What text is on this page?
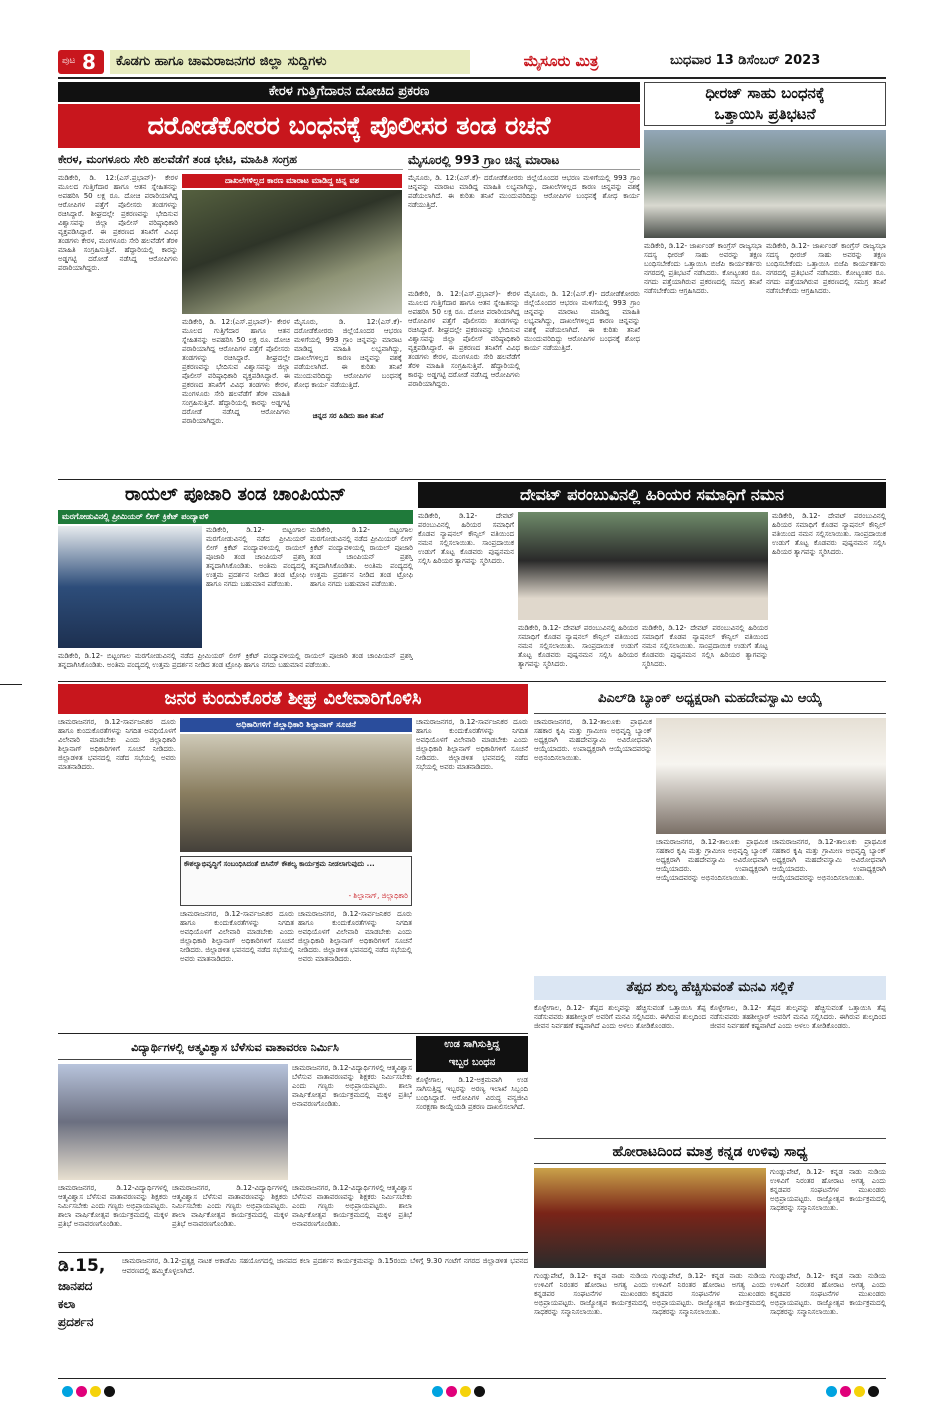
ಪುಟ 8	ಕೊಡಗು ಹಾಗೂ ಚಾಮರಾಜನಗರ ಜಿಲ್ಲಾ ಸುದ್ದಿಗಳು	ಮೈಸೂರು ಮಿತ್ರ	ಬುಧವಾರ 13 ಡಿಸೆಂಬರ್ 2023
ಕೇರಳ ಗುತ್ತಿಗೆದಾರನ ದೋಚಿದ ಪ್ರಕರಣ
ದರೋಡೆಕೋರರ ಬಂಧನಕ್ಕೆ ಪೊಲೀಸರ ತಂಡ ರಚನೆ
ಕೇರಳ, ಮಂಗಳೂರು ಸೇರಿ ಹಲವೆಡೆಗೆ ತಂಡ ಭೇಟಿ, ಮಾಹಿತಿ ಸಂಗ್ರಹ	ಮೈಸೂರಲ್ಲಿ 993 ಗ್ರಾಂ ಚಿನ್ನ ಮಾರಾಟ
ಮಡಿಕೇರಿ, ಡಿ. 12:(ಎಸ್.ಪ್ರಭಾವ್)- ಕೇರಳ ಮೂಲದ ಗುತ್ತಿಗೆದಾರ ಹಾಗೂ ಆತನ ಸ್ನೇಹಿತನನ್ನು ಅಪಹರಿಸಿ 50 ಲಕ್ಷ ರೂ. ದೋಚಿ ಪರಾರಿಯಾಗಿದ್ದ ಆರೋಪಿಗಳ ಪತ್ತೆಗೆ ಪೊಲೀಸರು ತಂಡಗಳನ್ನು ರಚಿಸಿದ್ದಾರೆ. ಶೀಘ್ರದಲ್ಲೇ ಪ್ರಕರಣವನ್ನು ಭೇದಿಸುವ ವಿಶ್ವಾಸವನ್ನು ಜಿಲ್ಲಾ ಪೊಲೀಸ್ ವರಿಷ್ಠಾಧಿಕಾರಿ ವ್ಯಕ್ತಪಡಿಸಿದ್ದಾರೆ. ಈ ಪ್ರಕರಣದ ತನಿಖೆಗೆ ವಿವಿಧ ತಂಡಗಳು ಕೇರಳ, ಮಂಗಳೂರು ಸೇರಿ ಹಲವೆಡೆಗೆ ತೆರಳಿ ಮಾಹಿತಿ ಸಂಗ್ರಹಿಸುತ್ತಿವೆ. ಹೆದ್ದಾರಿಯಲ್ಲಿ ಕಾರನ್ನು ಅಡ್ಡಗಟ್ಟಿ ದರೋಡೆ ನಡೆಸಿದ್ದ ಆರೋಪಿಗಳು ಪರಾರಿಯಾಗಿದ್ದರು.
ದಾಖಲೆಗಳಿಲ್ಲದ ಕಾರಣ ಮಾರಾಟ ಮಾಡಿದ್ದ ಚಿನ್ನ ವಶ
ಮಡಿಕೇರಿ, ಡಿ. 12:(ಎಸ್.ಪ್ರಭಾವ್)- ಕೇರಳ ಮೂಲದ ಗುತ್ತಿಗೆದಾರ ಹಾಗೂ ಆತನ ಸ್ನೇಹಿತನನ್ನು ಅಪಹರಿಸಿ 50 ಲಕ್ಷ ರೂ. ದೋಚಿ ಪರಾರಿಯಾಗಿದ್ದ ಆರೋಪಿಗಳ ಪತ್ತೆಗೆ ಪೊಲೀಸರು ತಂಡಗಳನ್ನು ರಚಿಸಿದ್ದಾರೆ. ಶೀಘ್ರದಲ್ಲೇ ಪ್ರಕರಣವನ್ನು ಭೇದಿಸುವ ವಿಶ್ವಾಸವನ್ನು ಜಿಲ್ಲಾ ಪೊಲೀಸ್ ವರಿಷ್ಠಾಧಿಕಾರಿ ವ್ಯಕ್ತಪಡಿಸಿದ್ದಾರೆ. ಈ ಪ್ರಕರಣದ ತನಿಖೆಗೆ ವಿವಿಧ ತಂಡಗಳು ಕೇರಳ, ಮಂಗಳೂರು ಸೇರಿ ಹಲವೆಡೆಗೆ ತೆರಳಿ ಮಾಹಿತಿ ಸಂಗ್ರಹಿಸುತ್ತಿವೆ. ಹೆದ್ದಾರಿಯಲ್ಲಿ ಕಾರನ್ನು ಅಡ್ಡಗಟ್ಟಿ ದರೋಡೆ ನಡೆಸಿದ್ದ ಆರೋಪಿಗಳು ಪರಾರಿಯಾಗಿದ್ದರು.
ಮೈಸೂರು, ಡಿ. 12:(ಎಸ್.ಕೆ)- ದರೋಡೆಕೋರರು ಜಿಲ್ಲೆಯೊಂದರ ಆಭರಣ ಮಳಿಗೆಯಲ್ಲಿ 993 ಗ್ರಾಂ ಚಿನ್ನವನ್ನು ಮಾರಾಟ ಮಾಡಿದ್ದ ಮಾಹಿತಿ ಲಭ್ಯವಾಗಿದ್ದು, ದಾಖಲೆಗಳಿಲ್ಲದ ಕಾರಣ ಚಿನ್ನವನ್ನು ವಶಕ್ಕೆ ಪಡೆಯಲಾಗಿದೆ. ಈ ಕುರಿತು ತನಿಖೆ ಮುಂದುವರಿದಿದ್ದು ಆರೋಪಿಗಳ ಬಂಧನಕ್ಕೆ ಶೋಧ ಕಾರ್ಯ ನಡೆಯುತ್ತಿದೆ.
ಮೈಸೂರು, ಡಿ. 12:(ಎಸ್.ಕೆ)- ದರೋಡೆಕೋರರು ಜಿಲ್ಲೆಯೊಂದರ ಆಭರಣ ಮಳಿಗೆಯಲ್ಲಿ 993 ಗ್ರಾಂ ಚಿನ್ನವನ್ನು ಮಾರಾಟ ಮಾಡಿದ್ದ ಮಾಹಿತಿ ಲಭ್ಯವಾಗಿದ್ದು, ದಾಖಲೆಗಳಿಲ್ಲದ ಕಾರಣ ಚಿನ್ನವನ್ನು ವಶಕ್ಕೆ ಪಡೆಯಲಾಗಿದೆ. ಈ ಕುರಿತು ತನಿಖೆ ಮುಂದುವರಿದಿದ್ದು ಆರೋಪಿಗಳ ಬಂಧನಕ್ಕೆ ಶೋಧ ಕಾರ್ಯ ನಡೆಯುತ್ತಿದೆ.
ಮಡಿಕೇರಿ, ಡಿ. 12:(ಎಸ್.ಪ್ರಭಾವ್)- ಕೇರಳ ಮೂಲದ ಗುತ್ತಿಗೆದಾರ ಹಾಗೂ ಆತನ ಸ್ನೇಹಿತನನ್ನು ಅಪಹರಿಸಿ 50 ಲಕ್ಷ ರೂ. ದೋಚಿ ಪರಾರಿಯಾಗಿದ್ದ ಆರೋಪಿಗಳ ಪತ್ತೆಗೆ ಪೊಲೀಸರು ತಂಡಗಳನ್ನು ರಚಿಸಿದ್ದಾರೆ. ಶೀಘ್ರದಲ್ಲೇ ಪ್ರಕರಣವನ್ನು ಭೇದಿಸುವ ವಿಶ್ವಾಸವನ್ನು ಜಿಲ್ಲಾ ಪೊಲೀಸ್ ವರಿಷ್ಠಾಧಿಕಾರಿ ವ್ಯಕ್ತಪಡಿಸಿದ್ದಾರೆ. ಈ ಪ್ರಕರಣದ ತನಿಖೆಗೆ ವಿವಿಧ ತಂಡಗಳು ಕೇರಳ, ಮಂಗಳೂರು ಸೇರಿ ಹಲವೆಡೆಗೆ ತೆರಳಿ ಮಾಹಿತಿ ಸಂಗ್ರಹಿಸುತ್ತಿವೆ. ಹೆದ್ದಾರಿಯಲ್ಲಿ ಕಾರನ್ನು ಅಡ್ಡಗಟ್ಟಿ ದರೋಡೆ ನಡೆಸಿದ್ದ ಆರೋಪಿಗಳು ಪರಾರಿಯಾಗಿದ್ದರು.
ಮೈಸೂರು, ಡಿ. 12:(ಎಸ್.ಕೆ)- ದರೋಡೆಕೋರರು ಜಿಲ್ಲೆಯೊಂದರ ಆಭರಣ ಮಳಿಗೆಯಲ್ಲಿ 993 ಗ್ರಾಂ ಚಿನ್ನವನ್ನು ಮಾರಾಟ ಮಾಡಿದ್ದ ಮಾಹಿತಿ ಲಭ್ಯವಾಗಿದ್ದು, ದಾಖಲೆಗಳಿಲ್ಲದ ಕಾರಣ ಚಿನ್ನವನ್ನು ವಶಕ್ಕೆ ಪಡೆಯಲಾಗಿದೆ. ಈ ಕುರಿತು ತನಿಖೆ ಮುಂದುವರಿದಿದ್ದು ಆರೋಪಿಗಳ ಬಂಧನಕ್ಕೆ ಶೋಧ ಕಾರ್ಯ ನಡೆಯುತ್ತಿದೆ.
ಚಿನ್ನದ ಸರ ಹಿಡಿದು ಹಾಕಿ ತನಿಖೆ
ಧೀರಜ್ ಸಾಹು ಬಂಧನಕ್ಕೆ
ಒತ್ತಾಯಿಸಿ ಪ್ರತಿಭಟನೆ
ಮಡಿಕೇರಿ, ಡಿ.12- ಜಾರ್ಖಂಡ್ ಕಾಂಗ್ರೆಸ್ ರಾಜ್ಯಸಭಾ ಸದಸ್ಯ ಧೀರಜ್ ಸಾಹು ಅವರನ್ನು ತಕ್ಷಣ ಬಂಧಿಸಬೇಕೆಂದು ಒತ್ತಾಯಿಸಿ ಬಿಜೆಪಿ ಕಾರ್ಯಕರ್ತರು ನಗರದಲ್ಲಿ ಪ್ರತಿಭಟನೆ ನಡೆಸಿದರು. ಕೋಟ್ಯಂತರ ರೂ. ನಗದು ಪತ್ತೆಯಾಗಿರುವ ಪ್ರಕರಣದಲ್ಲಿ ಸಮಗ್ರ ತನಿಖೆ ನಡೆಸಬೇಕೆಂದು ಆಗ್ರಹಿಸಿದರು.
ಮಡಿಕೇರಿ, ಡಿ.12- ಜಾರ್ಖಂಡ್ ಕಾಂಗ್ರೆಸ್ ರಾಜ್ಯಸಭಾ ಸದಸ್ಯ ಧೀರಜ್ ಸಾಹು ಅವರನ್ನು ತಕ್ಷಣ ಬಂಧಿಸಬೇಕೆಂದು ಒತ್ತಾಯಿಸಿ ಬಿಜೆಪಿ ಕಾರ್ಯಕರ್ತರು ನಗರದಲ್ಲಿ ಪ್ರತಿಭಟನೆ ನಡೆಸಿದರು. ಕೋಟ್ಯಂತರ ರೂ. ನಗದು ಪತ್ತೆಯಾಗಿರುವ ಪ್ರಕರಣದಲ್ಲಿ ಸಮಗ್ರ ತನಿಖೆ ನಡೆಸಬೇಕೆಂದು ಆಗ್ರಹಿಸಿದರು.
ರಾಯಲ್ ಪೂಜಾರಿ ತಂಡ ಚಾಂಪಿಯನ್
ಮರಗೋಡುವಿನಲ್ಲಿ ಪ್ರೀಮಿಯರ್ ಲೀಗ್ ಕ್ರಿಕೆಟ್ ಪಂದ್ಯಾವಳಿ
ಮಡಿಕೇರಿ, ಡಿ.12- ಬಿಟ್ಟಂಗಾಲ ಮರಗೋಡುವಿನಲ್ಲಿ ನಡೆದ ಪ್ರೀಮಿಯರ್ ಲೀಗ್ ಕ್ರಿಕೆಟ್ ಪಂದ್ಯಾವಳಿಯಲ್ಲಿ ರಾಯಲ್ ಪೂಜಾರಿ ತಂಡ ಚಾಂಪಿಯನ್ ಪ್ರಶಸ್ತಿ ತನ್ನದಾಗಿಸಿಕೊಂಡಿತು. ಅಂತಿಮ ಪಂದ್ಯದಲ್ಲಿ ಉತ್ತಮ ಪ್ರದರ್ಶನ ನೀಡಿದ ತಂಡ ಟ್ರೋಫಿ ಹಾಗೂ ನಗದು ಬಹುಮಾನ ಪಡೆಯಿತು.
ಮಡಿಕೇರಿ, ಡಿ.12- ಬಿಟ್ಟಂಗಾಲ ಮರಗೋಡುವಿನಲ್ಲಿ ನಡೆದ ಪ್ರೀಮಿಯರ್ ಲೀಗ್ ಕ್ರಿಕೆಟ್ ಪಂದ್ಯಾವಳಿಯಲ್ಲಿ ರಾಯಲ್ ಪೂಜಾರಿ ತಂಡ ಚಾಂಪಿಯನ್ ಪ್ರಶಸ್ತಿ ತನ್ನದಾಗಿಸಿಕೊಂಡಿತು. ಅಂತಿಮ ಪಂದ್ಯದಲ್ಲಿ ಉತ್ತಮ ಪ್ರದರ್ಶನ ನೀಡಿದ ತಂಡ ಟ್ರೋಫಿ ಹಾಗೂ ನಗದು ಬಹುಮಾನ ಪಡೆಯಿತು.
ಮಡಿಕೇರಿ, ಡಿ.12- ಬಿಟ್ಟಂಗಾಲ ಮರಗೋಡುವಿನಲ್ಲಿ ನಡೆದ ಪ್ರೀಮಿಯರ್ ಲೀಗ್ ಕ್ರಿಕೆಟ್ ಪಂದ್ಯಾವಳಿಯಲ್ಲಿ ರಾಯಲ್ ಪೂಜಾರಿ ತಂಡ ಚಾಂಪಿಯನ್ ಪ್ರಶಸ್ತಿ ತನ್ನದಾಗಿಸಿಕೊಂಡಿತು. ಅಂತಿಮ ಪಂದ್ಯದಲ್ಲಿ ಉತ್ತಮ ಪ್ರದರ್ಶನ ನೀಡಿದ ತಂಡ ಟ್ರೋಫಿ ಹಾಗೂ ನಗದು ಬಹುಮಾನ ಪಡೆಯಿತು.
ದೇವಟ್ ಪರಂಬುವಿನಲ್ಲಿ ಹಿರಿಯರ ಸಮಾಧಿಗೆ ನಮನ
ಮಡಿಕೇರಿ, ಡಿ.12- ದೇವಟ್ ಪರಂಬುವಿನಲ್ಲಿ ಹಿರಿಯರ ಸಮಾಧಿಗೆ ಕೊಡವ ನ್ಯಾಷನಲ್ ಕೌನ್ಸಿಲ್ ವತಿಯಿಂದ ನಮನ ಸಲ್ಲಿಸಲಾಯಿತು. ಸಾಂಪ್ರದಾಯಿಕ ಉಡುಗೆ ತೊಟ್ಟ ಕೊಡವರು ಪುಷ್ಪನಮನ ಸಲ್ಲಿಸಿ ಹಿರಿಯರ ತ್ಯಾಗವನ್ನು ಸ್ಮರಿಸಿದರು.
ಮಡಿಕೇರಿ, ಡಿ.12- ದೇವಟ್ ಪರಂಬುವಿನಲ್ಲಿ ಹಿರಿಯರ ಸಮಾಧಿಗೆ ಕೊಡವ ನ್ಯಾಷನಲ್ ಕೌನ್ಸಿಲ್ ವತಿಯಿಂದ ನಮನ ಸಲ್ಲಿಸಲಾಯಿತು. ಸಾಂಪ್ರದಾಯಿಕ ಉಡುಗೆ ತೊಟ್ಟ ಕೊಡವರು ಪುಷ್ಪನಮನ ಸಲ್ಲಿಸಿ ಹಿರಿಯರ ತ್ಯಾಗವನ್ನು ಸ್ಮರಿಸಿದರು.
ಮಡಿಕೇರಿ, ಡಿ.12- ದೇವಟ್ ಪರಂಬುವಿನಲ್ಲಿ ಹಿರಿಯರ ಸಮಾಧಿಗೆ ಕೊಡವ ನ್ಯಾಷನಲ್ ಕೌನ್ಸಿಲ್ ವತಿಯಿಂದ ನಮನ ಸಲ್ಲಿಸಲಾಯಿತು. ಸಾಂಪ್ರದಾಯಿಕ ಉಡುಗೆ ತೊಟ್ಟ ಕೊಡವರು ಪುಷ್ಪನಮನ ಸಲ್ಲಿಸಿ ಹಿರಿಯರ ತ್ಯಾಗವನ್ನು ಸ್ಮರಿಸಿದರು.
ಮಡಿಕೇರಿ, ಡಿ.12- ದೇವಟ್ ಪರಂಬುವಿನಲ್ಲಿ ಹಿರಿಯರ ಸಮಾಧಿಗೆ ಕೊಡವ ನ್ಯಾಷನಲ್ ಕೌನ್ಸಿಲ್ ವತಿಯಿಂದ ನಮನ ಸಲ್ಲಿಸಲಾಯಿತು. ಸಾಂಪ್ರದಾಯಿಕ ಉಡುಗೆ ತೊಟ್ಟ ಕೊಡವರು ಪುಷ್ಪನಮನ ಸಲ್ಲಿಸಿ ಹಿರಿಯರ ತ್ಯಾಗವನ್ನು ಸ್ಮರಿಸಿದರು.
ಜನರ ಕುಂದುಕೊರತೆ ಶೀಘ್ರ ವಿಲೇವಾರಿಗೊಳಿಸಿ
ಚಾಮರಾಜನಗರ, ಡಿ.12-ಸಾರ್ವಜನಿಕರ ದೂರು ಹಾಗೂ ಕುಂದುಕೊರತೆಗಳನ್ನು ನಿಗದಿತ ಅವಧಿಯೊಳಗೆ ವಿಲೇವಾರಿ ಮಾಡಬೇಕು ಎಂದು ಜಿಲ್ಲಾಧಿಕಾರಿ ಶಿಲ್ಪಾನಾಗ್ ಅಧಿಕಾರಿಗಳಿಗೆ ಸೂಚನೆ ನೀಡಿದರು. ಜಿಲ್ಲಾಡಳಿತ ಭವನದಲ್ಲಿ ನಡೆದ ಸಭೆಯಲ್ಲಿ ಅವರು ಮಾತನಾಡಿದರು.
ಅಧಿಕಾರಿಗಳಿಗೆ ಜಿಲ್ಲಾಧಿಕಾರಿ ಶಿಲ್ಪಾನಾಗ್ ಸೂಚನೆ
ಕೌಶಲ್ಯಾಭಿವೃದ್ಧಿಗೆ ಸಂಬಂಧಿಸಿದಂತೆ ಬಿಸಿನೆಸ್ ಕೌಶಲ್ಯ ಕಾರ್ಯಕ್ರಮ ನೀಡಲಾಗುವುದು ...
- ಶಿಲ್ಪಾನಾಗ್, ಜಿಲ್ಲಾಧಿಕಾರಿ
ಚಾಮರಾಜನಗರ, ಡಿ.12-ಸಾರ್ವಜನಿಕರ ದೂರು ಹಾಗೂ ಕುಂದುಕೊರತೆಗಳನ್ನು ನಿಗದಿತ ಅವಧಿಯೊಳಗೆ ವಿಲೇವಾರಿ ಮಾಡಬೇಕು ಎಂದು ಜಿಲ್ಲಾಧಿಕಾರಿ ಶಿಲ್ಪಾನಾಗ್ ಅಧಿಕಾರಿಗಳಿಗೆ ಸೂಚನೆ ನೀಡಿದರು. ಜಿಲ್ಲಾಡಳಿತ ಭವನದಲ್ಲಿ ನಡೆದ ಸಭೆಯಲ್ಲಿ ಅವರು ಮಾತನಾಡಿದರು.
ಚಾಮರಾಜನಗರ, ಡಿ.12-ಸಾರ್ವಜನಿಕರ ದೂರು ಹಾಗೂ ಕುಂದುಕೊರತೆಗಳನ್ನು ನಿಗದಿತ ಅವಧಿಯೊಳಗೆ ವಿಲೇವಾರಿ ಮಾಡಬೇಕು ಎಂದು ಜಿಲ್ಲಾಧಿಕಾರಿ ಶಿಲ್ಪಾನಾಗ್ ಅಧಿಕಾರಿಗಳಿಗೆ ಸೂಚನೆ ನೀಡಿದರು. ಜಿಲ್ಲಾಡಳಿತ ಭವನದಲ್ಲಿ ನಡೆದ ಸಭೆಯಲ್ಲಿ ಅವರು ಮಾತನಾಡಿದರು.
ಚಾಮರಾಜನಗರ, ಡಿ.12-ಸಾರ್ವಜನಿಕರ ದೂರು ಹಾಗೂ ಕುಂದುಕೊರತೆಗಳನ್ನು ನಿಗದಿತ ಅವಧಿಯೊಳಗೆ ವಿಲೇವಾರಿ ಮಾಡಬೇಕು ಎಂದು ಜಿಲ್ಲಾಧಿಕಾರಿ ಶಿಲ್ಪಾನಾಗ್ ಅಧಿಕಾರಿಗಳಿಗೆ ಸೂಚನೆ ನೀಡಿದರು. ಜಿಲ್ಲಾಡಳಿತ ಭವನದಲ್ಲಿ ನಡೆದ ಸಭೆಯಲ್ಲಿ ಅವರು ಮಾತನಾಡಿದರು.
ಪಿಎಲ್‌ಡಿ ಬ್ಯಾಂಕ್ ಅಧ್ಯಕ್ಷರಾಗಿ ಮಹದೇವಸ್ವಾಮಿ ಆಯ್ಕೆ
ಚಾಮರಾಜನಗರ, ಡಿ.12-ತಾಲೂಕು ಪ್ರಾಥಮಿಕ ಸಹಕಾರ ಕೃಷಿ ಮತ್ತು ಗ್ರಾಮೀಣ ಅಭಿವೃದ್ಧಿ ಬ್ಯಾಂಕ್ ಅಧ್ಯಕ್ಷರಾಗಿ ಮಹದೇವಸ್ವಾಮಿ ಅವಿರೋಧವಾಗಿ ಆಯ್ಕೆಯಾದರು. ಉಪಾಧ್ಯಕ್ಷರಾಗಿ ಆಯ್ಕೆಯಾದವರನ್ನು ಅಭಿನಂದಿಸಲಾಯಿತು.
ಚಾಮರಾಜನಗರ, ಡಿ.12-ತಾಲೂಕು ಪ್ರಾಥಮಿಕ ಸಹಕಾರ ಕೃಷಿ ಮತ್ತು ಗ್ರಾಮೀಣ ಅಭಿವೃದ್ಧಿ ಬ್ಯಾಂಕ್ ಅಧ್ಯಕ್ಷರಾಗಿ ಮಹದೇವಸ್ವಾಮಿ ಅವಿರೋಧವಾಗಿ ಆಯ್ಕೆಯಾದರು. ಉಪಾಧ್ಯಕ್ಷರಾಗಿ ಆಯ್ಕೆಯಾದವರನ್ನು ಅಭಿನಂದಿಸಲಾಯಿತು.
ಚಾಮರಾಜನಗರ, ಡಿ.12-ತಾಲೂಕು ಪ್ರಾಥಮಿಕ ಸಹಕಾರ ಕೃಷಿ ಮತ್ತು ಗ್ರಾಮೀಣ ಅಭಿವೃದ್ಧಿ ಬ್ಯಾಂಕ್ ಅಧ್ಯಕ್ಷರಾಗಿ ಮಹದೇವಸ್ವಾಮಿ ಅವಿರೋಧವಾಗಿ ಆಯ್ಕೆಯಾದರು. ಉಪಾಧ್ಯಕ್ಷರಾಗಿ ಆಯ್ಕೆಯಾದವರನ್ನು ಅಭಿನಂದಿಸಲಾಯಿತು.
ತೆಪ್ಪದ ಶುಲ್ಕ ಹೆಚ್ಚಿಸುವಂತೆ ಮನವಿ ಸಲ್ಲಿಕೆ
ಕೊಳ್ಳೇಗಾಲ, ಡಿ.12- ತೆಪ್ಪದ ಶುಲ್ಕವನ್ನು ಹೆಚ್ಚಿಸುವಂತೆ ಒತ್ತಾಯಿಸಿ ತೆಪ್ಪ ನಡೆಸುವವರು ತಹಶೀಲ್ದಾರ್ ಅವರಿಗೆ ಮನವಿ ಸಲ್ಲಿಸಿದರು. ಈಗಿರುವ ಶುಲ್ಕದಿಂದ ಜೀವನ ನಿರ್ವಹಣೆ ಕಷ್ಟವಾಗಿದೆ ಎಂದು ಅಳಲು ತೋಡಿಕೊಂಡರು.
ಕೊಳ್ಳೇಗಾಲ, ಡಿ.12- ತೆಪ್ಪದ ಶುಲ್ಕವನ್ನು ಹೆಚ್ಚಿಸುವಂತೆ ಒತ್ತಾಯಿಸಿ ತೆಪ್ಪ ನಡೆಸುವವರು ತಹಶೀಲ್ದಾರ್ ಅವರಿಗೆ ಮನವಿ ಸಲ್ಲಿಸಿದರು. ಈಗಿರುವ ಶುಲ್ಕದಿಂದ ಜೀವನ ನಿರ್ವಹಣೆ ಕಷ್ಟವಾಗಿದೆ ಎಂದು ಅಳಲು ತೋಡಿಕೊಂಡರು.
ವಿದ್ಯಾರ್ಥಿಗಳಲ್ಲಿ ಆತ್ಮವಿಶ್ವಾಸ ಬೆಳೆಸುವ ವಾತಾವರಣ ನಿರ್ಮಿಸಿ
ಚಾಮರಾಜನಗರ, ಡಿ.12-ವಿದ್ಯಾರ್ಥಿಗಳಲ್ಲಿ ಆತ್ಮವಿಶ್ವಾಸ ಬೆಳೆಸುವ ವಾತಾವರಣವನ್ನು ಶಿಕ್ಷಕರು ನಿರ್ಮಿಸಬೇಕು ಎಂದು ಗಣ್ಯರು ಅಭಿಪ್ರಾಯಪಟ್ಟರು. ಶಾಲಾ ವಾರ್ಷಿಕೋತ್ಸವ ಕಾರ್ಯಕ್ರಮದಲ್ಲಿ ಮಕ್ಕಳ ಪ್ರತಿಭೆ ಅನಾವರಣಗೊಂಡಿತು.
ಚಾಮರಾಜನಗರ, ಡಿ.12-ವಿದ್ಯಾರ್ಥಿಗಳಲ್ಲಿ ಆತ್ಮವಿಶ್ವಾಸ ಬೆಳೆಸುವ ವಾತಾವರಣವನ್ನು ಶಿಕ್ಷಕರು ನಿರ್ಮಿಸಬೇಕು ಎಂದು ಗಣ್ಯರು ಅಭಿಪ್ರಾಯಪಟ್ಟರು. ಶಾಲಾ ವಾರ್ಷಿಕೋತ್ಸವ ಕಾರ್ಯಕ್ರಮದಲ್ಲಿ ಮಕ್ಕಳ ಪ್ರತಿಭೆ ಅನಾವರಣಗೊಂಡಿತು.
ಚಾಮರಾಜನಗರ, ಡಿ.12-ವಿದ್ಯಾರ್ಥಿಗಳಲ್ಲಿ ಆತ್ಮವಿಶ್ವಾಸ ಬೆಳೆಸುವ ವಾತಾವರಣವನ್ನು ಶಿಕ್ಷಕರು ನಿರ್ಮಿಸಬೇಕು ಎಂದು ಗಣ್ಯರು ಅಭಿಪ್ರಾಯಪಟ್ಟರು. ಶಾಲಾ ವಾರ್ಷಿಕೋತ್ಸವ ಕಾರ್ಯಕ್ರಮದಲ್ಲಿ ಮಕ್ಕಳ ಪ್ರತಿಭೆ ಅನಾವರಣಗೊಂಡಿತು.
ಚಾಮರಾಜನಗರ, ಡಿ.12-ವಿದ್ಯಾರ್ಥಿಗಳಲ್ಲಿ ಆತ್ಮವಿಶ್ವಾಸ ಬೆಳೆಸುವ ವಾತಾವರಣವನ್ನು ಶಿಕ್ಷಕರು ನಿರ್ಮಿಸಬೇಕು ಎಂದು ಗಣ್ಯರು ಅಭಿಪ್ರಾಯಪಟ್ಟರು. ಶಾಲಾ ವಾರ್ಷಿಕೋತ್ಸವ ಕಾರ್ಯಕ್ರಮದಲ್ಲಿ ಮಕ್ಕಳ ಪ್ರತಿಭೆ ಅನಾವರಣಗೊಂಡಿತು.
ಉಡ ಸಾಗಿಸುತ್ತಿದ್ದ
ಇಬ್ಬರ ಬಂಧನ
ಕೊಳ್ಳೇಗಾಲ, ಡಿ.12-ಅಕ್ರಮವಾಗಿ ಉಡ ಸಾಗಿಸುತ್ತಿದ್ದ ಇಬ್ಬರನ್ನು ಅರಣ್ಯ ಇಲಾಖೆ ಸಿಬ್ಬಂದಿ ಬಂಧಿಸಿದ್ದಾರೆ. ಆರೋಪಿಗಳ ವಿರುದ್ಧ ವನ್ಯಜೀವಿ ಸಂರಕ್ಷಣಾ ಕಾಯ್ದೆಯಡಿ ಪ್ರಕರಣ ದಾಖಲಿಸಲಾಗಿದೆ.
ಹೋರಾಟದಿಂದ ಮಾತ್ರ ಕನ್ನಡ ಉಳಿವು ಸಾಧ್ಯ
ಗುಂಡ್ಲುಪೇಟೆ, ಡಿ.12- ಕನ್ನಡ ನಾಡು ನುಡಿಯ ಉಳಿವಿಗೆ ನಿರಂತರ ಹೋರಾಟ ಅಗತ್ಯ ಎಂದು ಕನ್ನಡಪರ ಸಂಘಟನೆಗಳ ಮುಖಂಡರು ಅಭಿಪ್ರಾಯಪಟ್ಟರು. ರಾಜ್ಯೋತ್ಸವ ಕಾರ್ಯಕ್ರಮದಲ್ಲಿ ಸಾಧಕರನ್ನು ಸನ್ಮಾನಿಸಲಾಯಿತು.
ಗುಂಡ್ಲುಪೇಟೆ, ಡಿ.12- ಕನ್ನಡ ನಾಡು ನುಡಿಯ ಉಳಿವಿಗೆ ನಿರಂತರ ಹೋರಾಟ ಅಗತ್ಯ ಎಂದು ಕನ್ನಡಪರ ಸಂಘಟನೆಗಳ ಮುಖಂಡರು ಅಭಿಪ್ರಾಯಪಟ್ಟರು. ರಾಜ್ಯೋತ್ಸವ ಕಾರ್ಯಕ್ರಮದಲ್ಲಿ ಸಾಧಕರನ್ನು ಸನ್ಮಾನಿಸಲಾಯಿತು.
ಗುಂಡ್ಲುಪೇಟೆ, ಡಿ.12- ಕನ್ನಡ ನಾಡು ನುಡಿಯ ಉಳಿವಿಗೆ ನಿರಂತರ ಹೋರಾಟ ಅಗತ್ಯ ಎಂದು ಕನ್ನಡಪರ ಸಂಘಟನೆಗಳ ಮುಖಂಡರು ಅಭಿಪ್ರಾಯಪಟ್ಟರು. ರಾಜ್ಯೋತ್ಸವ ಕಾರ್ಯಕ್ರಮದಲ್ಲಿ ಸಾಧಕರನ್ನು ಸನ್ಮಾನಿಸಲಾಯಿತು.
ಗುಂಡ್ಲುಪೇಟೆ, ಡಿ.12- ಕನ್ನಡ ನಾಡು ನುಡಿಯ ಉಳಿವಿಗೆ ನಿರಂತರ ಹೋರಾಟ ಅಗತ್ಯ ಎಂದು ಕನ್ನಡಪರ ಸಂಘಟನೆಗಳ ಮುಖಂಡರು ಅಭಿಪ್ರಾಯಪಟ್ಟರು. ರಾಜ್ಯೋತ್ಸವ ಕಾರ್ಯಕ್ರಮದಲ್ಲಿ ಸಾಧಕರನ್ನು ಸನ್ಮಾನಿಸಲಾಯಿತು.
ಡಿ.15,
ಜಾನಪದ
ಕಲಾ
ಪ್ರದರ್ಶನ
ಚಾಮರಾಜನಗರ, ಡಿ.12-ಪ್ರತ್ಯಕ್ಷ ನಾಟಕ ಅಕಾಡೆಮಿ ಸಹಯೋಗದಲ್ಲಿ ಜಾನಪದ ಕಲಾ ಪ್ರದರ್ಶನ ಕಾರ್ಯಕ್ರಮವನ್ನು ಡಿ.15ರಂದು ಬೆಳಿಗ್ಗೆ 9.30 ಗಂಟೆಗೆ ನಗರದ ಜಿಲ್ಲಾಡಳಿತ ಭವನದ ಆವರಣದಲ್ಲಿ ಹಮ್ಮಿಕೊಳ್ಳಲಾಗಿದೆ.
